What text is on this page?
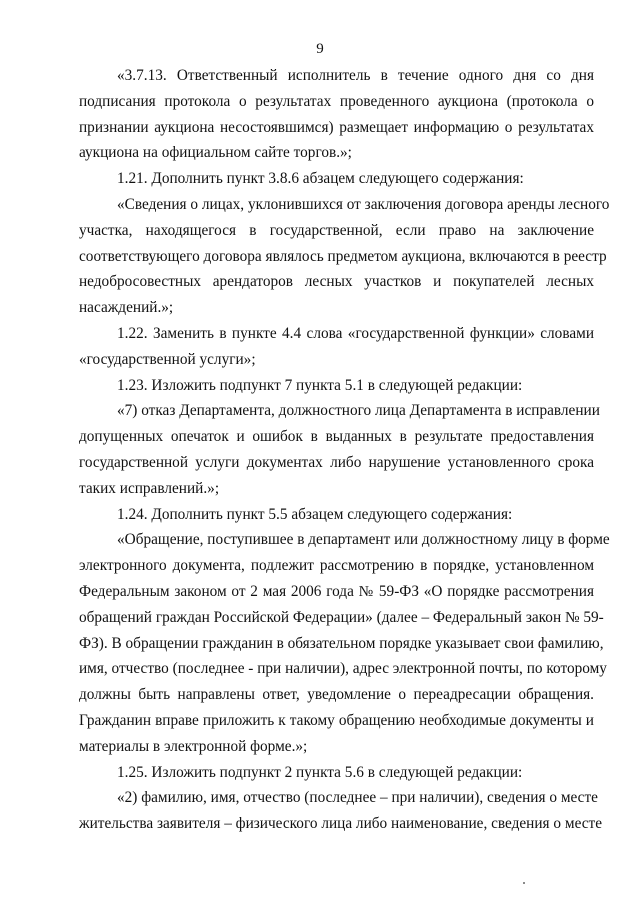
9
«3.7.13. Ответственный исполнитель в течение одного дня со дня
подписания протокола о результатах проведенного аукциона (протокола о
признании аукциона несостоявшимся) размещает информацию о результатах
аукциона на официальном сайте торгов.»;
1.21. Дополнить пункт 3.8.6 абзацем следующего содержания:
«Сведения о лицах, уклонившихся от заключения договора аренды лесного
участка, находящегося в государственной, если право на заключение
соответствующего договора являлось предметом аукциона, включаются в реестр
недобросовестных арендаторов лесных участков и покупателей лесных
насаждений.»;
1.22. Заменить в пункте 4.4 слова «государственной функции» словами
«государственной услуги»;
1.23. Изложить подпункт 7 пункта 5.1 в следующей редакции:
«7) отказ Департамента, должностного лица Департамента в исправлении
допущенных опечаток и ошибок в выданных в результате предоставления
государственной услуги документах либо нарушение установленного срока
таких исправлений.»;
1.24. Дополнить пункт 5.5 абзацем следующего содержания:
«Обращение, поступившее в департамент или должностному лицу в форме
электронного документа, подлежит рассмотрению в порядке, установленном
Федеральным законом от 2 мая 2006 года № 59-ФЗ «О порядке рассмотрения
обращений граждан Российской Федерации» (далее – Федеральный закон № 59-
ФЗ). В обращении гражданин в обязательном порядке указывает свои фамилию,
имя, отчество (последнее - при наличии), адрес электронной почты, по которому
должны быть направлены ответ, уведомление о переадресации обращения.
Гражданин вправе приложить к такому обращению необходимые документы и
материалы в электронной форме.»;
1.25. Изложить подпункт 2 пункта 5.6 в следующей редакции:
«2) фамилию, имя, отчество (последнее – при наличии), сведения о месте
жительства заявителя – физического лица либо наименование, сведения о месте
